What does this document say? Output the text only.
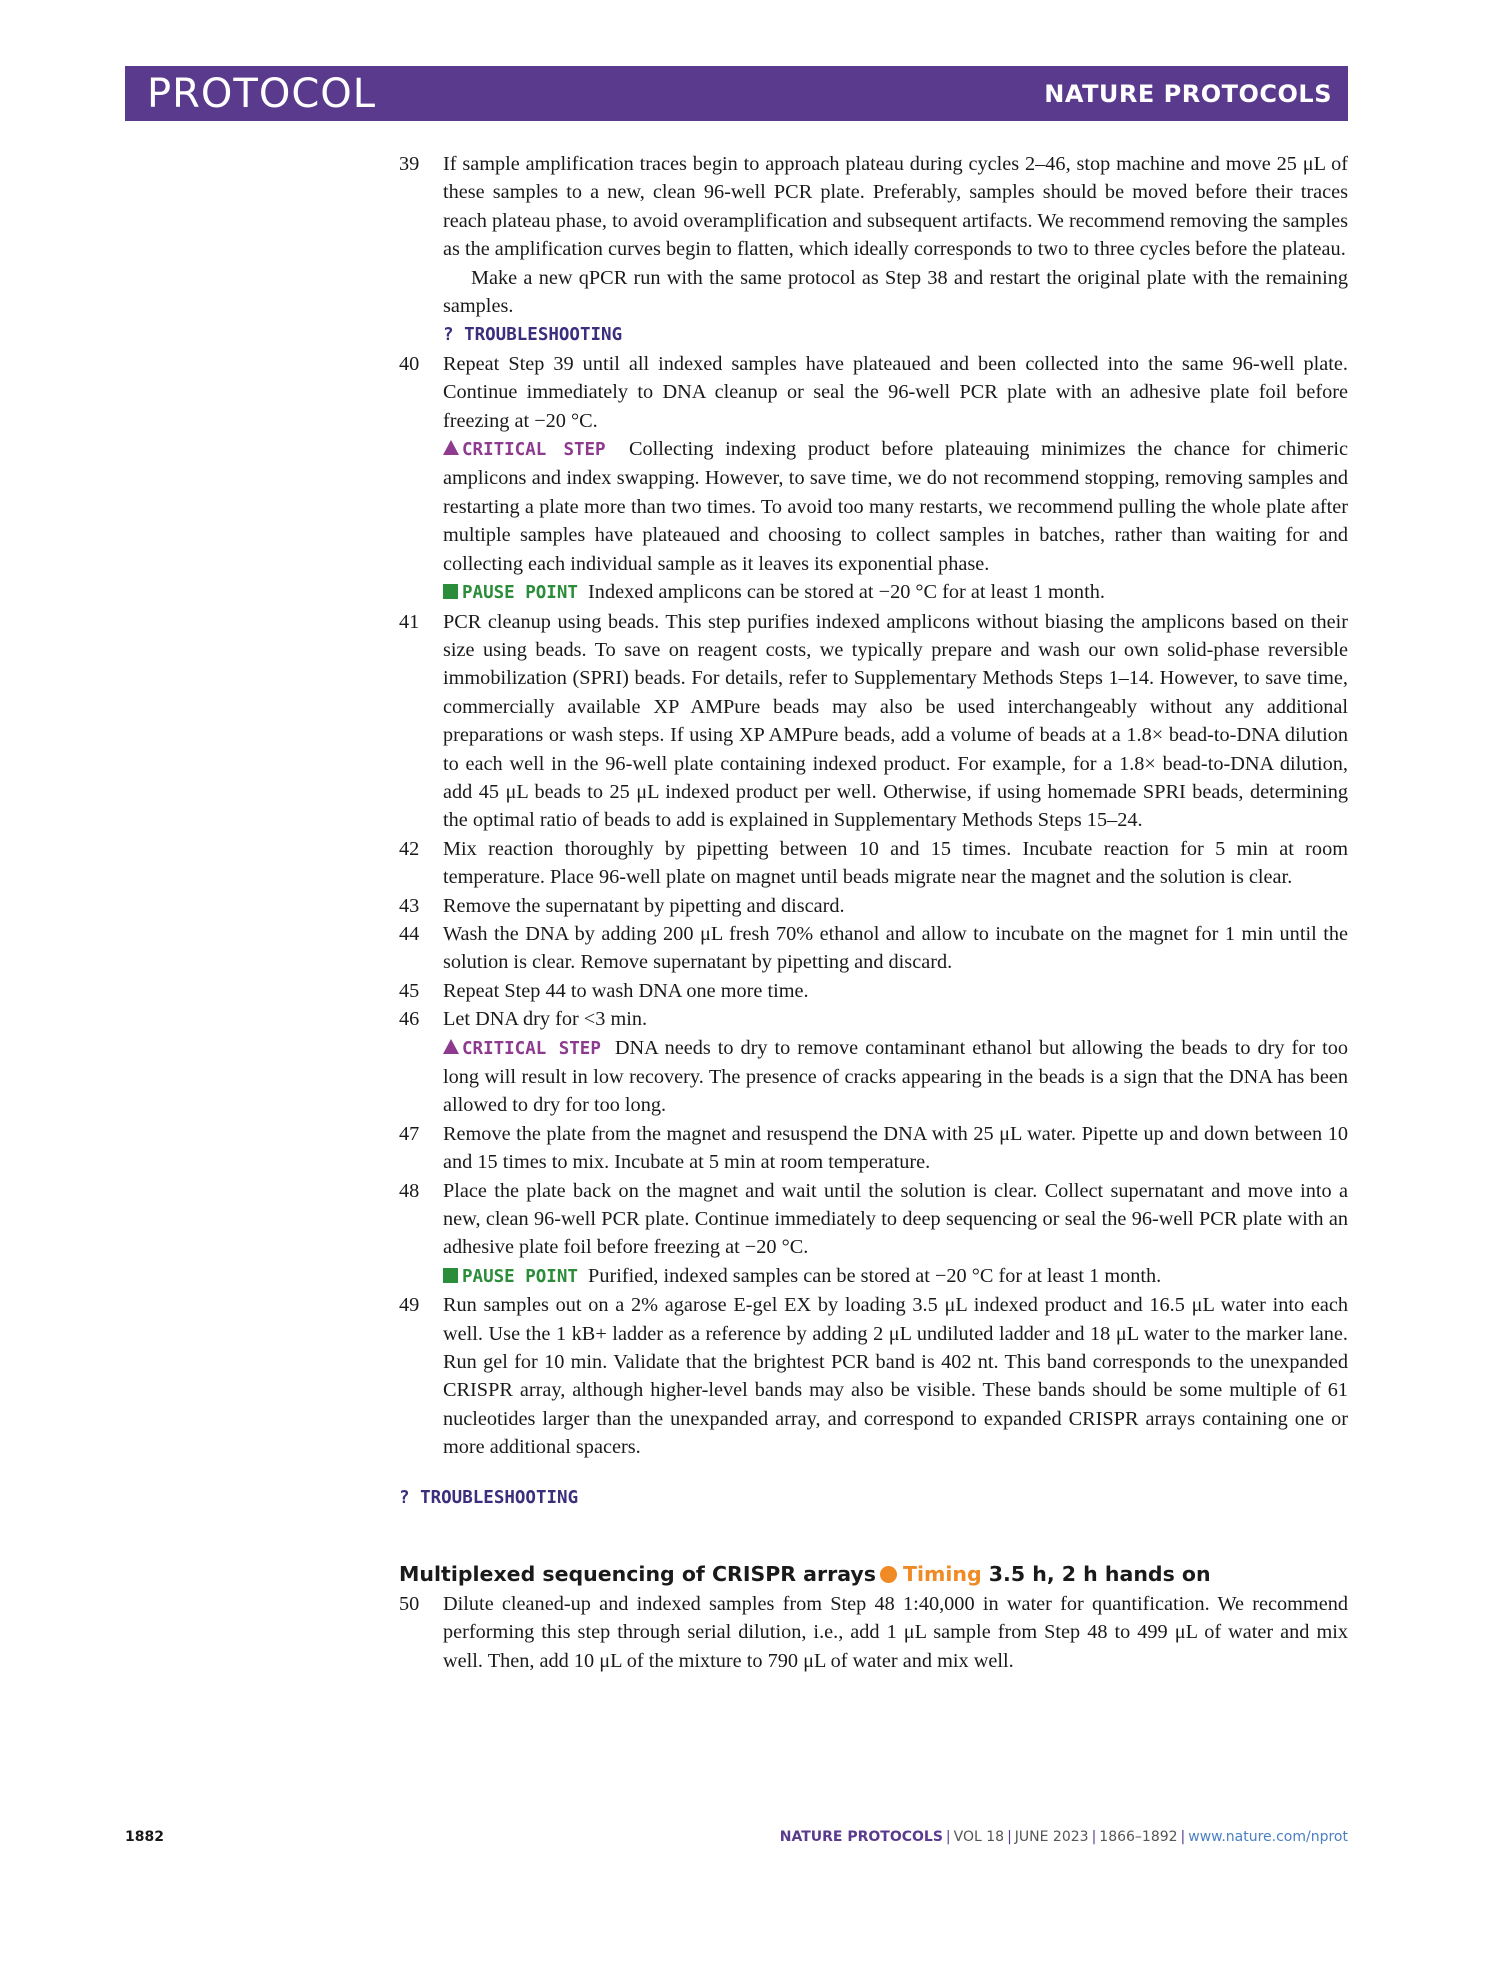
PROTOCOL	NATURE PROTOCOLS
39	If sample amplification traces begin to approach plateau during cycles 2–46, stop machine and move 25 μL of these samples to a new, clean 96-well PCR plate. Preferably, samples should be moved before their traces reach plateau phase, to avoid overamplification and subsequent artifacts. We recommend removing the samples as the amplification curves begin to flatten, which ideally corresponds to two to three cycles before the plateau.

Make a new qPCR run with the same protocol as Step 38 and restart the original plate with the remaining samples.

? TROUBLESHOOTING

40	Repeat Step 39 until all indexed samples have plateaued and been collected into the same 96-well plate. Continue immediately to DNA cleanup or seal the 96-well PCR plate with an adhesive plate foil before freezing at −20 °C.

CRITICAL STEP Collecting indexing product before plateauing minimizes the chance for chimeric amplicons and index swapping. However, to save time, we do not recommend stopping, removing samples and restarting a plate more than two times. To avoid too many restarts, we recommend pulling the whole plate after multiple samples have plateaued and choosing to collect samples in batches, rather than waiting for and collecting each individual sample as it leaves its exponential phase.

PAUSE POINT Indexed amplicons can be stored at −20 °C for at least 1 month.

41	PCR cleanup using beads. This step purifies indexed amplicons without biasing the amplicons based on their size using beads. To save on reagent costs, we typically prepare and wash our own solid-phase reversible immobilization (SPRI) beads. For details, refer to Supplementary Methods Steps 1–14. However, to save time, commercially available XP AMPure beads may also be used interchangeably without any additional preparations or wash steps. If using XP AMPure beads, add a volume of beads at a 1.8× bead-to-DNA dilution to each well in the 96-well plate containing indexed product. For example, for a 1.8× bead-to-DNA dilution, add 45 μL beads to 25 μL indexed product per well. Otherwise, if using homemade SPRI beads, determining the optimal ratio of beads to add is explained in Supplementary Methods Steps 15–24.

42	Mix reaction thoroughly by pipetting between 10 and 15 times. Incubate reaction for 5 min at room temperature. Place 96-well plate on magnet until beads migrate near the magnet and the solution is clear.

43	Remove the supernatant by pipetting and discard.

44	Wash the DNA by adding 200 μL fresh 70% ethanol and allow to incubate on the magnet for 1 min until the solution is clear. Remove supernatant by pipetting and discard.

45	Repeat Step 44 to wash DNA one more time.

46	Let DNA dry for <3 min.

CRITICAL STEP DNA needs to dry to remove contaminant ethanol but allowing the beads to dry for too long will result in low recovery. The presence of cracks appearing in the beads is a sign that the DNA has been allowed to dry for too long.

47	Remove the plate from the magnet and resuspend the DNA with 25 μL water. Pipette up and down between 10 and 15 times to mix. Incubate at 5 min at room temperature.

48	Place the plate back on the magnet and wait until the solution is clear. Collect supernatant and move into a new, clean 96-well PCR plate. Continue immediately to deep sequencing or seal the 96-well PCR plate with an adhesive plate foil before freezing at −20 °C.

PAUSE POINT Purified, indexed samples can be stored at −20 °C for at least 1 month.

49	Run samples out on a 2% agarose E-gel EX by loading 3.5 μL indexed product and 16.5 μL water into each well. Use the 1 kB+ ladder as a reference by adding 2 μL undiluted ladder and 18 μL water to the marker lane. Run gel for 10 min. Validate that the brightest PCR band is 402 nt. This band corresponds to the unexpanded CRISPR array, although higher-level bands may also be visible. These bands should be some multiple of 61 nucleotides larger than the unexpanded array, and correspond to expanded CRISPR arrays containing one or more additional spacers.

? TROUBLESHOOTING

Multiplexed sequencing of CRISPR arrays Timing 3.5 h, 2 h hands on

50	Dilute cleaned-up and indexed samples from Step 48 1:40,000 in water for quantification. We recommend performing this step through serial dilution, i.e., add 1 μL sample from Step 48 to 499 μL of water and mix well. Then, add 10 μL of the mixture to 790 μL of water and mix well.

1882	NATURE PROTOCOLS | VOL 18 | JUNE 2023 | 1866–1892 | www.nature.com/nprot
